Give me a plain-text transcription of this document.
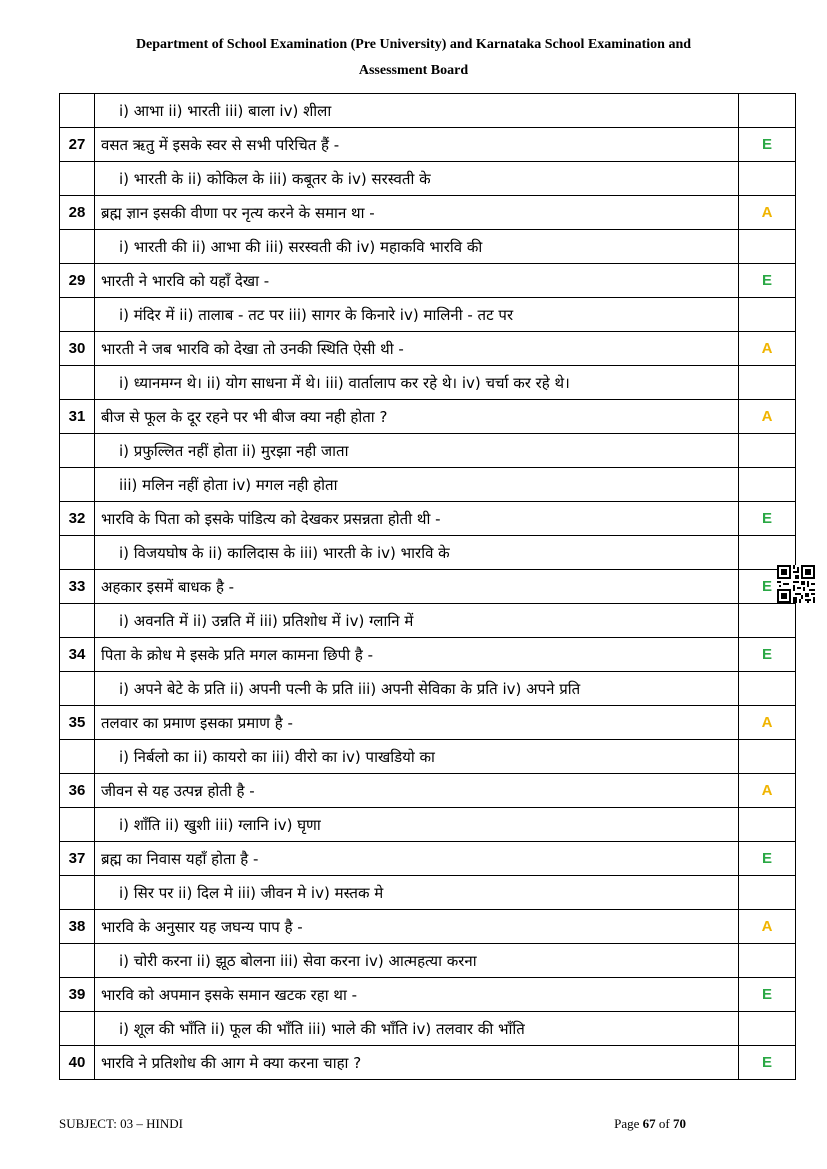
Department of School Examination (Pre University) and Karnataka School Examination and
Assessment Board
	i) आभा ii) भारती iii) बाला iv) शीला	
27	वसत ऋतु में इसके स्वर से सभी परिचित हैं -	E
	i) भारती के ii) कोकिल के iii) कबूतर के iv) सरस्वती के	
28	ब्रह्म ज्ञान इसकी वीणा पर नृत्य करने के समान था -	A
	i) भारती की ii) आभा की iii) सरस्वती की iv) महाकवि भारवि की	
29	भारती ने भारवि को यहाँ देखा -	E
	i) मंदिर में ii) तालाब - तट पर iii) सागर के किनारे iv) मालिनी - तट पर	
30	भारती ने जब भारवि को देखा तो उनकी स्थिति ऐसी थी -	A
	i) ध्यानमग्न थे। ii) योग साधना में थे। iii) वार्तालाप कर रहे थे। iv) चर्चा कर रहे थे।	
31	बीज से फूल के दूर रहने पर भी बीज क्या नही होता ?	A
	i) प्रफुल्लित नहीं होता ii) मुरझा नही जाता	
	iii) मलिन नहीं होता iv) मगल नही होता	
32	भारवि के पिता को इसके पांडित्य को देखकर प्रसन्नता होती थी -	E
	i) विजयघोष के ii) कालिदास के iii) भारती के iv) भारवि के	
33	अहकार इसमें बाधक है -	E
	i) अवनति में ii) उन्नति में iii) प्रतिशोध में iv) ग्लानि में	
34	पिता के क्रोध मे इसके प्रति मगल कामना छिपी है -	E
	i) अपने बेटे के प्रति ii) अपनी पत्नी के प्रति iii) अपनी सेविका के प्रति iv) अपने प्रति	
35	तलवार का प्रमाण इसका प्रमाण है -	A
	i) निर्बलो का ii) कायरो का iii) वीरो का iv) पाखडियो का	
36	जीवन से यह उत्पन्न होती है -	A
	i) शाँति ii) खुशी iii) ग्लानि iv) घृणा	
37	ब्रह्म का निवास यहाँ होता है -	E
	i) सिर पर ii) दिल मे iii) जीवन मे iv) मस्तक मे	
38	भारवि के अनुसार यह जघन्य पाप है -	A
	i) चोरी करना ii) झूठ बोलना iii) सेवा करना iv) आत्महत्या करना	
39	भारवि को अपमान इसके समान खटक रहा था -	E
	i) शूल की भाँति ii) फूल की भाँति iii) भाले की भाँति iv) तलवार की भाँति	
40	भारवि ने प्रतिशोध की आग मे क्या करना चाहा ?	E
SUBJECT: 03 – HINDI	Page 67 of 70
